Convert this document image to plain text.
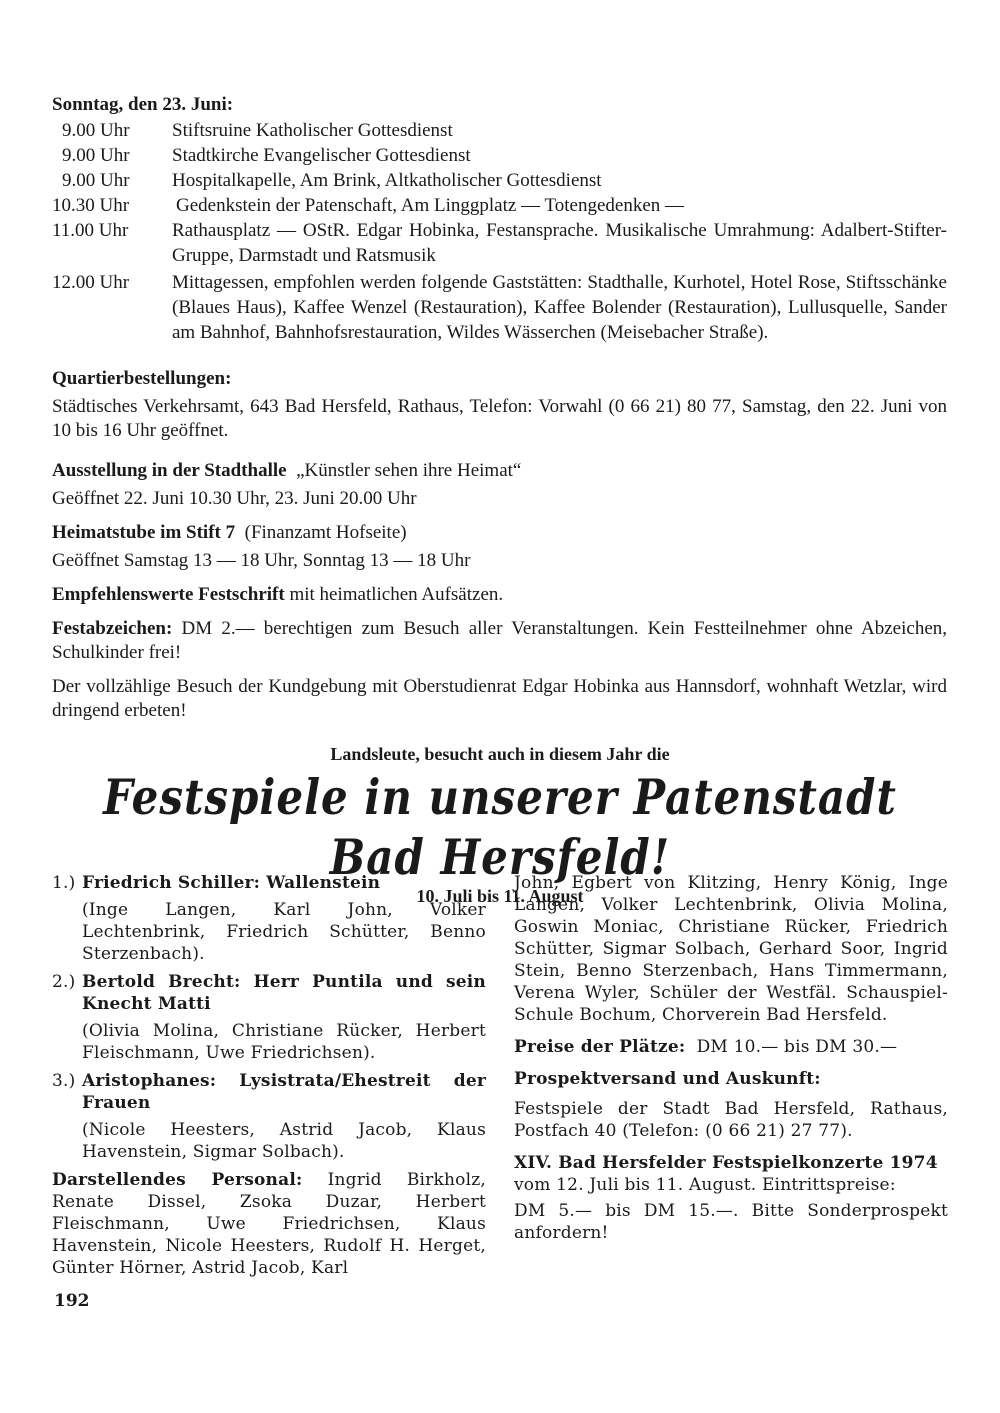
Sonntag, den 23. Juni:
9.00 Uhr	Stiftsruine Katholischer Gottesdienst
9.00 Uhr	Stadtkirche Evangelischer Gottesdienst
9.00 Uhr	Hospitalkapelle, Am Brink, Altkatholischer Gottesdienst
10.30 Uhr	Gedenkstein der Patenschaft, Am Linggplatz — Totengedenken —
11.00 Uhr	Rathausplatz — OStR. Edgar Hobinka, Festansprache. Musikalische Umrahmung: Adalbert-Stifter-Gruppe, Darmstadt und Ratsmusik
12.00 Uhr	Mittagessen, empfohlen werden folgende Gaststätten: Stadthalle, Kurhotel, Hotel Rose, Stiftsschänke (Blaues Haus), Kaffee Wenzel (Restauration), Kaffee Bolender (Restauration), Lullusquelle, Sander am Bahnhof, Bahnhofsrestauration, Wildes Wässerchen (Meisebacher Straße).
Quartierbestellungen:
Städtisches Verkehrsamt, 643 Bad Hersfeld, Rathaus, Telefon: Vorwahl (0 66 21) 80 77, Samstag, den 22. Juni von 10 bis 16 Uhr geöffnet.
Ausstellung in der Stadthalle „Künstler sehen ihre Heimat“
Geöffnet 22. Juni 10.30 Uhr, 23. Juni 20.00 Uhr
Heimatstube im Stift 7 (Finanzamt Hofseite)
Geöffnet Samstag 13 — 18 Uhr, Sonntag 13 — 18 Uhr
Empfehlenswerte Festschrift mit heimatlichen Aufsätzen.
Festabzeichen: DM 2.— berechtigen zum Besuch aller Veranstaltungen. Kein Festteilnehmer ohne Abzeichen, Schulkinder frei!
Der vollzählige Besuch der Kundgebung mit Oberstudienrat Edgar Hobinka aus Hannsdorf, wohnhaft Wetzlar, wird dringend erbeten!
Landsleute, besucht auch in diesem Jahr die
Festspiele in unserer Patenstadt Bad Hersfeld!
10. Juli bis 11. August
1.) Friedrich Schiller: Wallenstein
(Inge Langen, Karl John, Volker Lechtenbrink, Friedrich Schütter, Benno Sterzenbach).
2.) Bertold Brecht: Herr Puntila und sein Knecht Matti
(Olivia Molina, Christiane Rücker, Herbert Fleischmann, Uwe Friedrichsen).
3.) Aristophanes: Lysistrata/Ehestreit der Frauen
(Nicole Heesters, Astrid Jacob, Klaus Havenstein, Sigmar Solbach).
Darstellendes Personal: Ingrid Birkholz, Renate Dissel, Zsoka Duzar, Herbert Fleischmann, Uwe Friedrichsen, Klaus Havenstein, Nicole Heesters, Rudolf H. Herget, Günter Hörner, Astrid Jacob, Karl
John, Egbert von Klitzing, Henry König, Inge Langen, Volker Lechtenbrink, Olivia Molina, Goswin Moniac, Christiane Rücker, Friedrich Schütter, Sigmar Solbach, Gerhard Soor, Ingrid Stein, Benno Sterzenbach, Hans Timmermann, Verena Wyler, Schüler der Westfäl. Schauspiel-Schule Bochum, Chorverein Bad Hersfeld.
Preise der Plätze: DM 10.— bis DM 30.—
Prospektversand und Auskunft:
Festspiele der Stadt Bad Hersfeld, Rathaus, Postfach 40 (Telefon: (0 66 21) 27 77).
XIV. Bad Hersfelder Festspielkonzerte 1974
vom 12. Juli bis 11. August. Eintrittspreise:
DM 5.— bis DM 15.—. Bitte Sonderprospekt anfordern!
192
